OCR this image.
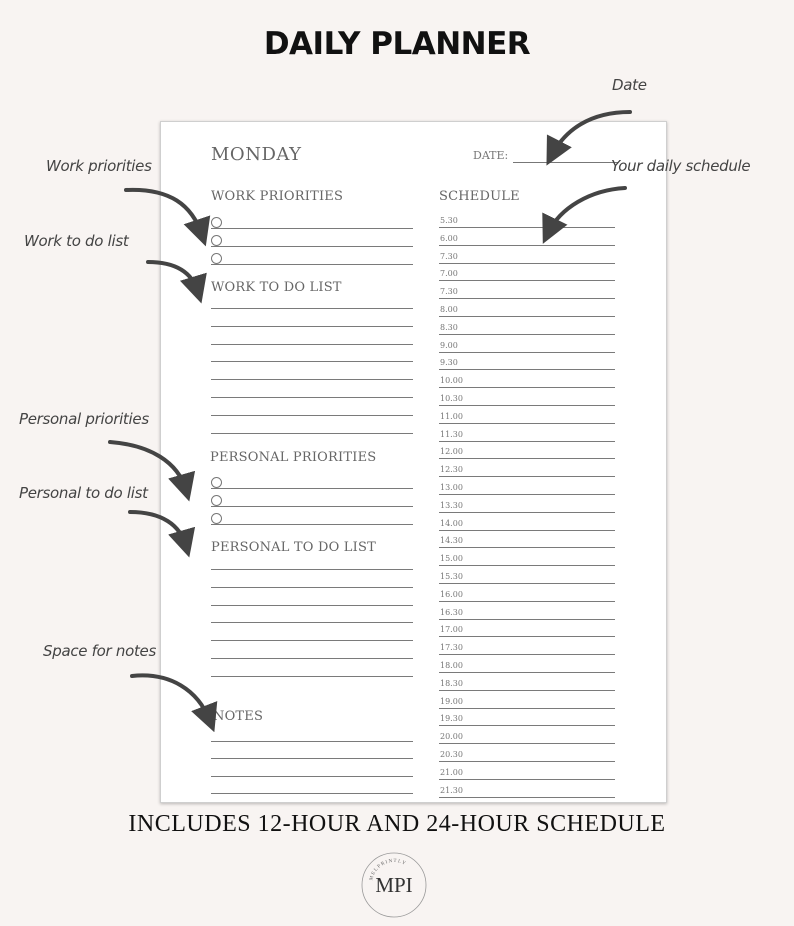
DAILY PLANNER
MONDAY	DATE:
WORK PRIORITIES
WORK TO DO LIST
PERSONAL PRIORITIES
PERSONAL TO DO LIST
NOTES
SCHEDULE
5.30
6.00
7.30
7.00
7.30
8.00
8.30
9.00
9.30
10.00
10.30
11.00
11.30
12.00
12.30
13.00
13.30
14.00
14.30
15.00
15.30
16.00
16.30
17.00
17.30
18.00
18.30
19.00
19.30
20.00
20.30
21.00
21.30
Date
Your daily schedule
Work priorities
Work to do list
Personal priorities
Personal to do list
Space for notes
INCLUDES 12-HOUR AND 24-HOUR SCHEDULE
MELPRINTLY
MPI
